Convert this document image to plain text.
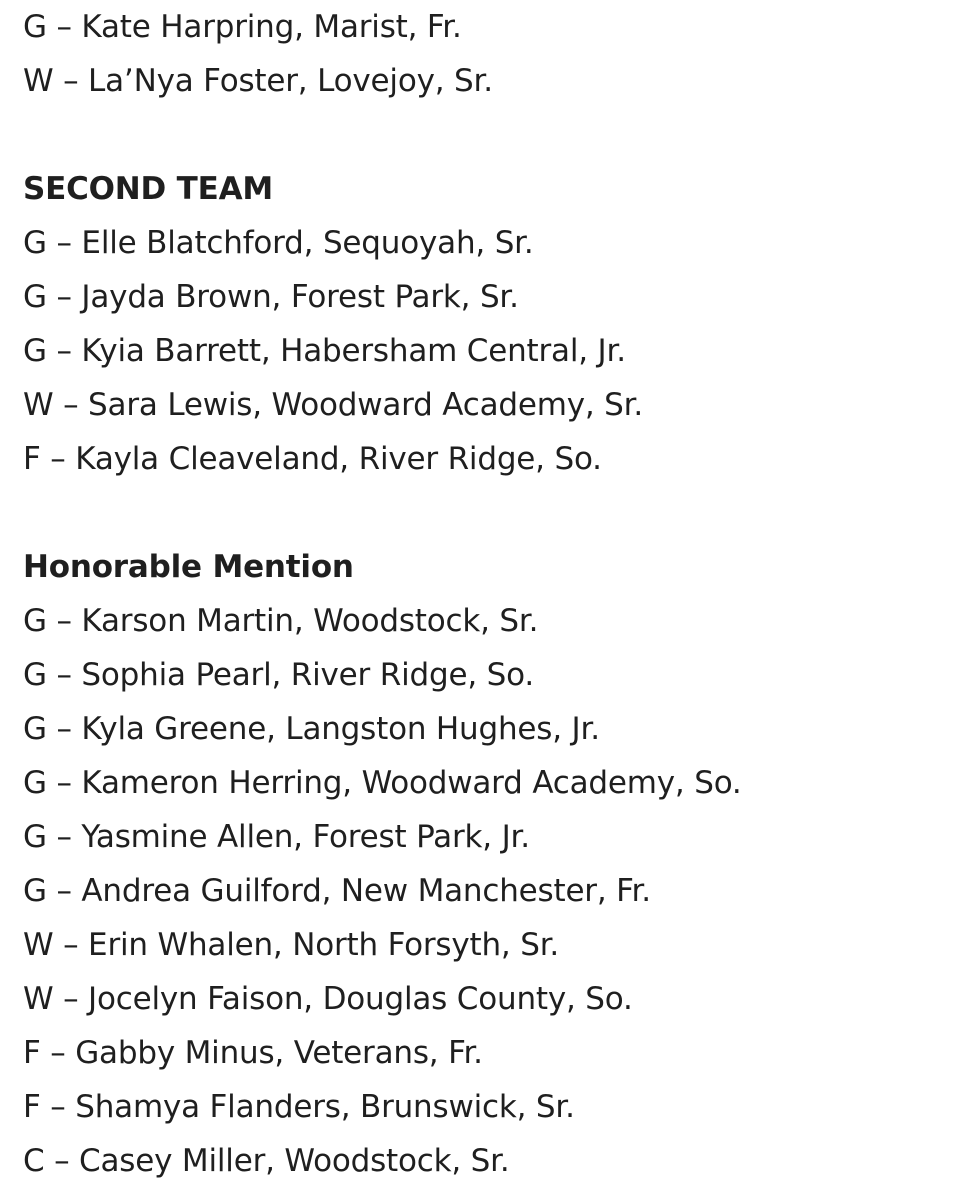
G – Kate Harpring, Marist, Fr.
W – La’Nya Foster, Lovejoy, Sr.
SECOND TEAM
G – Elle Blatchford, Sequoyah, Sr.
G – Jayda Brown, Forest Park, Sr.
G – Kyia Barrett, Habersham Central, Jr.
W – Sara Lewis, Woodward Academy, Sr.
F – Kayla Cleaveland, River Ridge, So.
Honorable Mention
G – Karson Martin, Woodstock, Sr.
G – Sophia Pearl, River Ridge, So.
G – Kyla Greene, Langston Hughes, Jr.
G – Kameron Herring, Woodward Academy, So.
G – Yasmine Allen, Forest Park, Jr.
G – Andrea Guilford, New Manchester, Fr.
W – Erin Whalen, North Forsyth, Sr.
W – Jocelyn Faison, Douglas County, So.
F – Gabby Minus, Veterans, Fr.
F – Shamya Flanders, Brunswick, Sr.
C – Casey Miller, Woodstock, Sr.
